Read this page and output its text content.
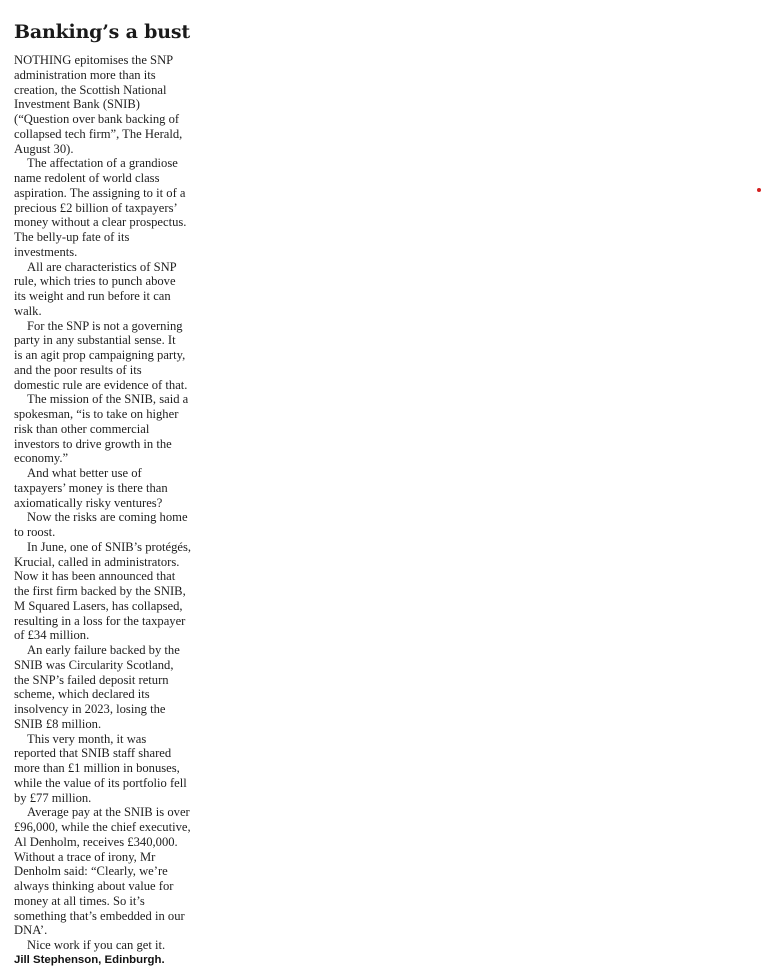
Banking’s a bust
NOTHING epitomises the SNP
administration more than its
creation, the Scottish National
Investment Bank (SNIB)
(“Question over bank backing of
collapsed tech firm”, The Herald,
August 30).
The affectation of a grandiose
name redolent of world class
aspiration. The assigning to it of a
precious £2 billion of taxpayers’
money without a clear prospectus.
The belly-up fate of its
investments.
All are characteristics of SNP
rule, which tries to punch above
its weight and run before it can
walk.
For the SNP is not a governing
party in any substantial sense. It
is an agit prop campaigning party,
and the poor results of its
domestic rule are evidence of that.
The mission of the SNIB, said a
spokesman, “is to take on higher
risk than other commercial
investors to drive growth in the
economy.”
And what better use of
taxpayers’ money is there than
axiomatically risky ventures?
Now the risks are coming home
to roost.
In June, one of SNIB’s protégés,
Krucial, called in administrators.
Now it has been announced that
the first firm backed by the SNIB,
M Squared Lasers, has collapsed,
resulting in a loss for the taxpayer
of £34 million.
An early failure backed by the
SNIB was Circularity Scotland,
the SNP’s failed deposit return
scheme, which declared its
insolvency in 2023, losing the
SNIB £8 million.
This very month, it was
reported that SNIB staff shared
more than £1 million in bonuses,
while the value of its portfolio fell
by £77 million.
Average pay at the SNIB is over
£96,000, while the chief executive,
Al Denholm, receives £340,000.
Without a trace of irony, Mr
Denholm said: “Clearly, we’re
always thinking about value for
money at all times. So it’s
something that’s embedded in our
DNA’.
Nice work if you can get it.
Jill Stephenson, Edinburgh.
